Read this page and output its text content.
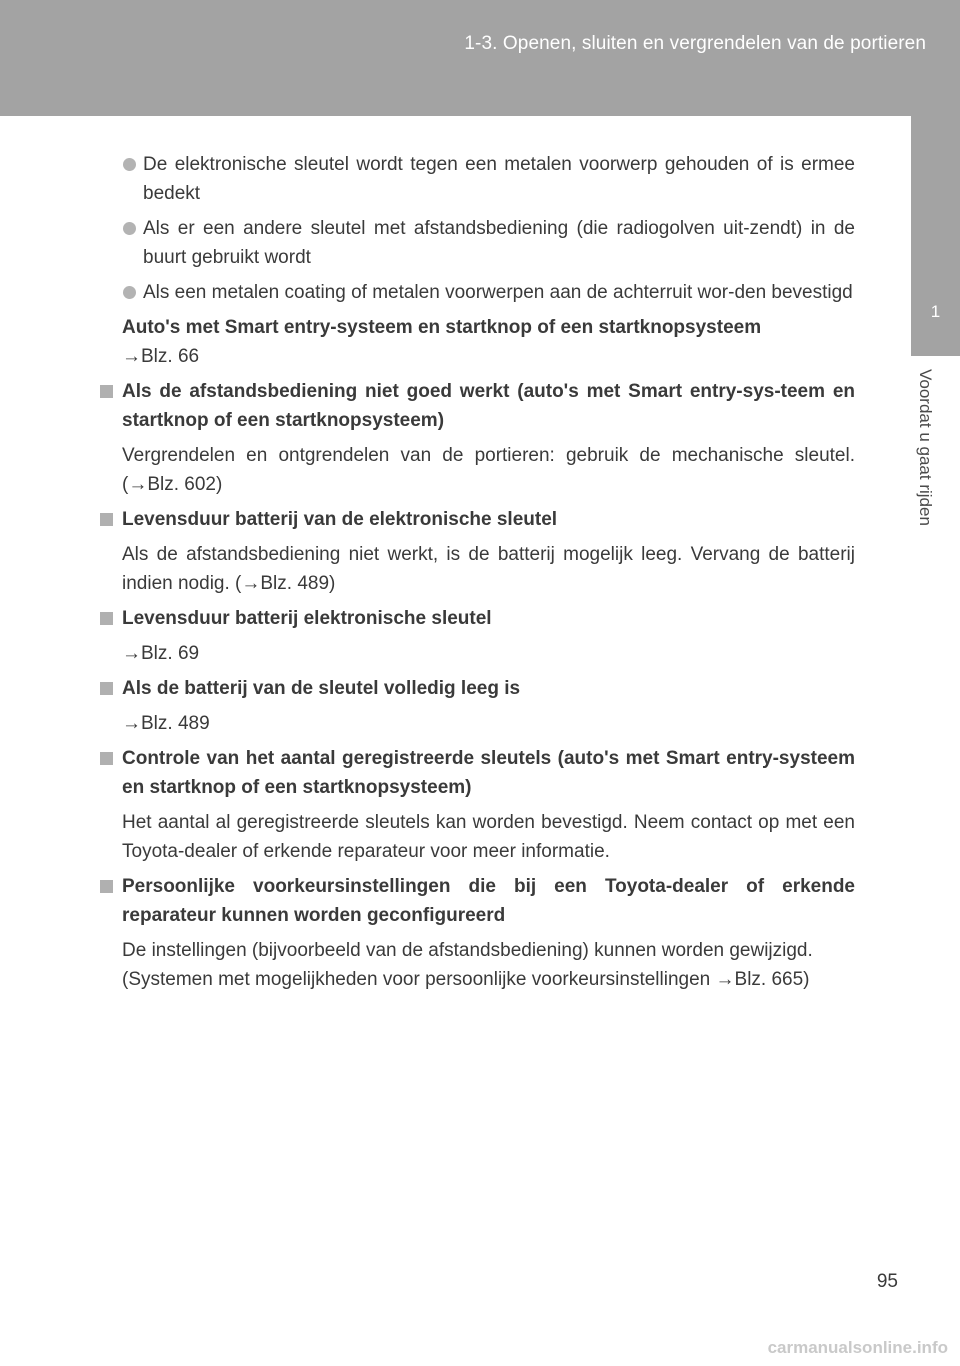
1-3. Openen, sluiten en vergrendelen van de portieren
1
Voordat u gaat rijden
De elektronische sleutel wordt tegen een metalen voorwerp gehouden of is ermee bedekt
Als er een andere sleutel met afstandsbediening (die radiogolven uit-zendt) in de buurt gebruikt wordt
Als een metalen coating of metalen voorwerpen aan de achterruit wor-den bevestigd
Auto's met Smart entry-systeem en startknop of een startknopsysteem
→Blz. 66
Als de afstandsbediening niet goed werkt (auto's met Smart entry-sys-teem en startknop of een startknopsysteem)
Vergrendelen en ontgrendelen van de portieren: gebruik de mechanische sleutel. (→Blz. 602)
Levensduur batterij van de elektronische sleutel
Als de afstandsbediening niet werkt, is de batterij mogelijk leeg. Vervang de batterij indien nodig. (→Blz. 489)
Levensduur batterij elektronische sleutel
→Blz. 69
Als de batterij van de sleutel volledig leeg is
→Blz. 489
Controle van het aantal geregistreerde sleutels (auto's met Smart entry-systeem en startknop of een startknopsysteem)
Het aantal al geregistreerde sleutels kan worden bevestigd. Neem contact op met een Toyota-dealer of erkende reparateur voor meer informatie.
Persoonlijke voorkeursinstellingen die bij een Toyota-dealer of erkende reparateur kunnen worden geconfigureerd
De instellingen (bijvoorbeeld van de afstandsbediening) kunnen worden gewijzigd.
(Systemen met mogelijkheden voor persoonlijke voorkeursinstellingen →Blz. 665)
95
carmanualsonline.info
